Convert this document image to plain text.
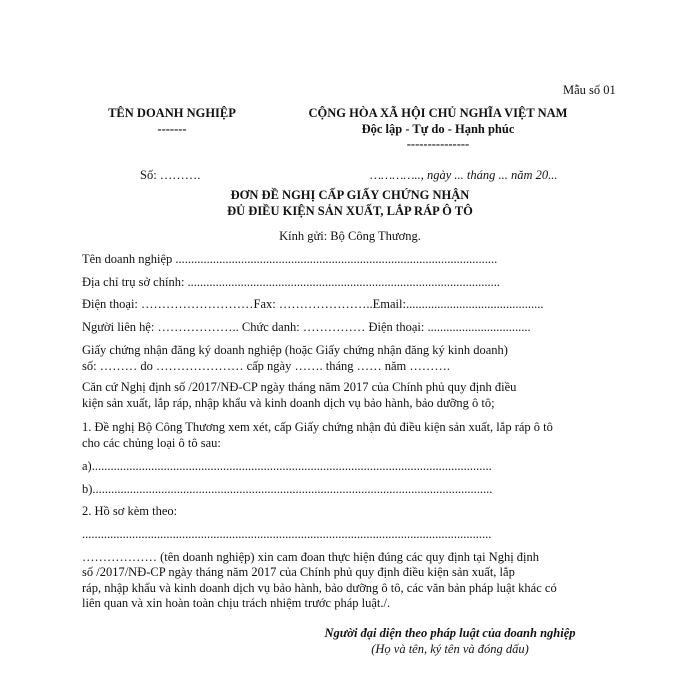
Mẫu số 01
TÊN DOANH NGHIỆP
-------
CỘNG HÒA XÃ HỘI CHỦ NGHĨA VIỆT NAM
Độc lập - Tự do - Hạnh phúc
---------------
Số: ……….	………….., ngày ... tháng ... năm 20...
ĐƠN ĐỀ NGHỊ CẤP GIẤY CHỨNG NHẬN
ĐỦ ĐIỀU KIỆN SẢN XUẤT, LẮP RÁP Ô TÔ
Kính gửi: Bộ Công Thương.
Tên doanh nghiệp .......................................................................................................
Địa chỉ trụ sở chính: ....................................................................................................
Điện thoại: ………………………Fax: …………………..Email:............................................
Người liên hệ: ……………….. Chức danh: …………… Điện thoại: .................................
Giấy chứng nhận đăng ký doanh nghiệp (hoặc Giấy chứng nhận đăng ký kinh doanh)
số: ……… do ………………… cấp ngày ……. tháng …… năm ……….
Căn cứ Nghị định số /2017/NĐ-CP ngày tháng năm 2017 của Chính phủ quy định điều
kiện sản xuất, lắp ráp, nhập khẩu và kinh doanh dịch vụ bảo hành, bảo dưỡng ô tô;
1. Đề nghị Bộ Công Thương xem xét, cấp Giấy chứng nhận đủ điều kiện sản xuất, lắp ráp ô tô
cho các chủng loại ô tô sau:
a)................................................................................................................................
b)................................................................................................................................
2. Hồ sơ kèm theo:
...................................................................................................................................
……………… (tên doanh nghiệp) xin cam đoan thực hiện đúng các quy định tại Nghị định
số /2017/NĐ-CP ngày tháng năm 2017 của Chính phủ quy định điều kiện sản xuất, lắp
ráp, nhập khẩu và kinh doanh dịch vụ bảo hành, bảo dưỡng ô tô, các văn bản pháp luật khác có
liên quan và xin hoàn toàn chịu trách nhiệm trước pháp luật./.
Người đại diện theo pháp luật của doanh nghiệp
(Họ và tên, ký tên và đóng dấu)
